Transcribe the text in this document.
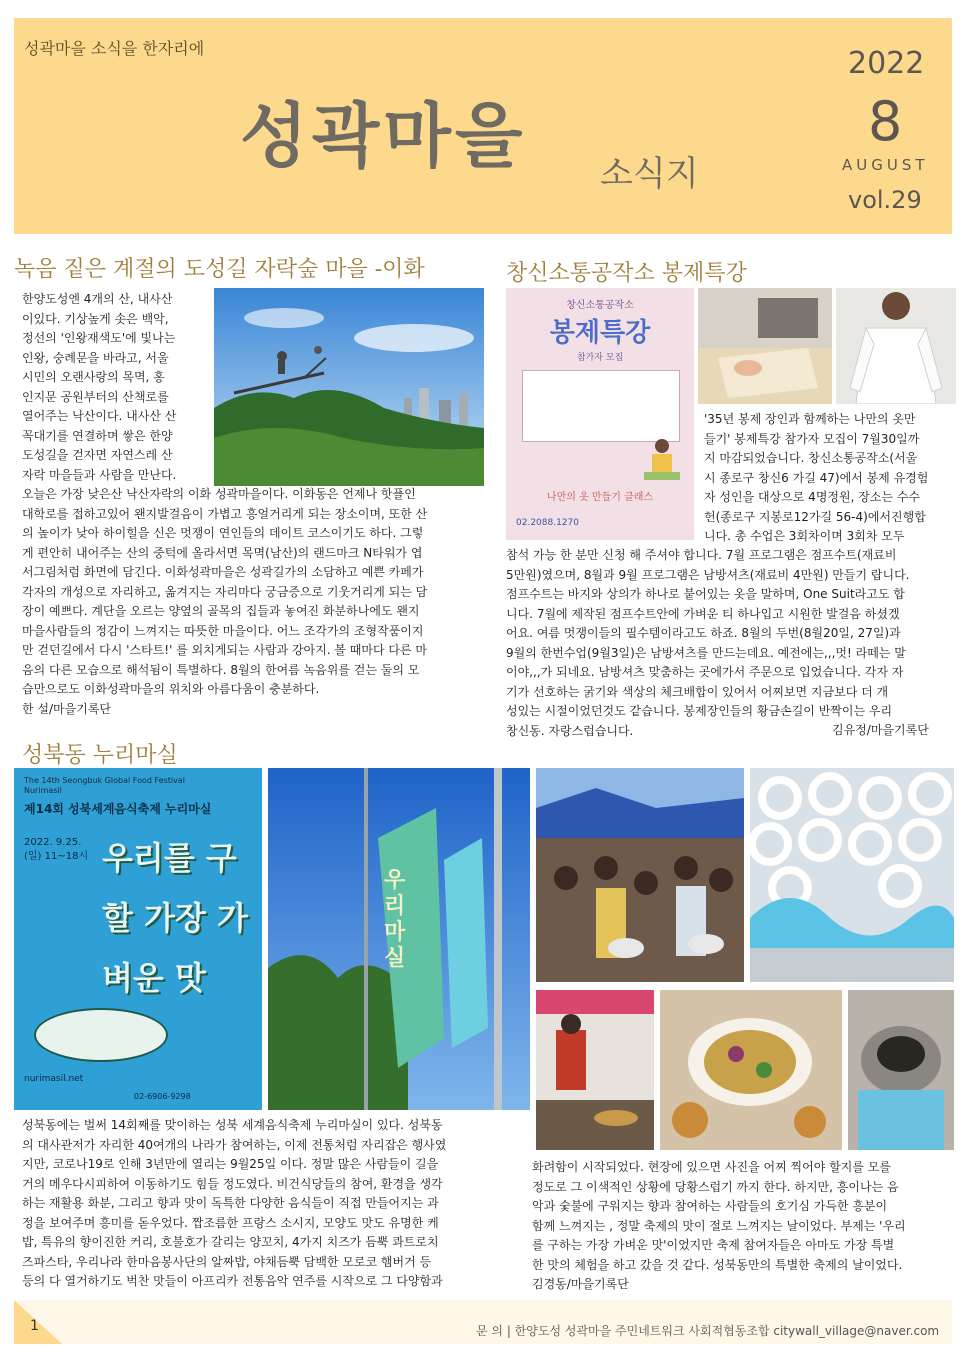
성곽마을 소식을 한자리에
성곽마을 소식지
2022
8
AUGUST
vol.29
녹음 짙은 계절의 도성길 자락숲 마을 -이화

한양도성엔 4개의 산, 내사산

이있다. 기상높게 솟은 백악,

정선의 '인왕재색도'에 빛나는

인왕, 숭례문을 바라고, 서울

시민의 오랜사랑의 목멱, 홍

인지문 공원부터의 산책로를

열어주는 낙산이다. 내사산 산

꼭대기를 연결하며 쌓은 한양

도성길을 걷자면 자연스레 산

자락 마을들과 사람을 만난다.

오늘은 가장 낮은산 낙산자락의 이화 성곽마을이다. 이화동은 언제나 핫플인

대학로를 접하고있어 왠지발걸음이 가볍고 흥얼거리게 되는 장소이며, 또한 산

의 높이가 낮아 하이힐을 신은 멋쟁이 연인들의 데이트 코스이기도 하다. 그렇

게 편안히 내어주는 산의 중턱에 올라서면 목멱(남산)의 랜드마크 N타워가 엽

서그림처럼 화면에 담긴다. 이화성곽마을은 성곽길가의 소담하고 예쁜 카페가

각자의 개성으로 자리하고, 옮겨지는 자리마다 궁금증으로 기웃거리게 되는 담

장이 예쁘다. 계단을 오르는 양옆의 골목의 집들과 놓여진 화분하나에도 왠지

마을사람들의 정감이 느껴지는 따뜻한 마을이다. 어느 조각가의 조형작품이지

만 걷던길에서 다시 '스타트!' 를 외치게되는 사람과 강아지. 볼 때마다 다른 마

음의 다른 모습으로 해석됨이 특별하다. 8월의 한여름 녹음위를 걷는 둘의 모

습만으로도 이화성곽마을의 위치와 아름다움이 충분하다.

한 설/마을기록단

창신소통공작소 봉제특강
창신소통공작소
봉제특강
참가자 모집
나만의 옷 만들기 클래스
02.2088.1270

'35년 봉제 장인과 함께하는 나만의 옷만

들기' 봉제특강 참가자 모집이 7월30일까

지 마감되었습니다. 창신소통공작소(서울

시 종로구 창신6 가길 47)에서 봉제 유경험

자 성인을 대상으로 4명정원, 장소는 수수

헌(종로구 지봉로12가길 56-4)에서진행합

니다. 총 수업은 3회차이며 3회차 모두

참석 가능 한 분만 신청 해 주셔야 합니다. 7월 프로그램은 점프수트(재료비

5만원)였으며, 8월과 9월 프로그램은 남방셔츠(재료비 4만원) 만들기 랍니다.

점프수트는 바지와 상의가 하나로 붙어있는 옷을 말하며, One Suit라고도 합

니다. 7월에 제작된 점프수트안에 가벼운 티 하나입고 시원한 발걸음 하셨겠

어요. 여름 멋쟁이들의 필수템이라고도 하죠. 8월의 두번(8월20일, 27일)과

9월의 한번수업(9월3일)은 남방셔츠를 만드는데요. 예전에는,,,멋! 라떼는 말

이야,,,가 되네요. 남방셔츠 맞춤하는 곳에가서 주문으로 입었습니다. 각자 자

기가 선호하는 굵기와 색상의 체크배합이 있어서 어찌보면 지금보다 더 개

성있는 시절이었던것도 같습니다. 봉제장인들의 황금손길이 반짝이는 우리

창신동. 자랑스럽습니다.	김유정/마을기록단
성북동 누리마실
The 14th Seongbuk Global Food Festival Nurimasil
제14회 성북세계음식축제 누리마실
2022. 9.25.(일) 11~18시 우리를 구할 가장 가벼운 맛
nurimasil.net
02-6906-9298
우리 마실

성북동에는 벌써 14회째를 맞이하는 성북 세계음식축제 누리마실이 있다. 성북동

의 대사관저가 자리한 40여개의 나라가 참여하는, 이제 전통처럼 자리잡은 행사였

지만, 코로나19로 인해 3년만에 열리는 9월25일 이다. 정말 많은 사람들이 길을

거의 메우다시피하여 이동하기도 힘들 정도였다. 비건식당들의 참여, 환경을 생각

하는 재활용 화분, 그리고 향과 맛이 독특한 다양한 음식들이 직접 만들어지는 과

정을 보여주며 흥미를 돋우었다. 짭조름한 프랑스 소시지, 모양도 맛도 유명한 케

밥, 특유의 향이진한 커리, 호불호가 갈리는 양꼬치, 4가지 치즈가 듬뿍 콰트로치

즈파스타, 우리나라 한마음봉사단의 알짜밥, 야채듬뿍 담백한 모로코 햄버거 등

등의 다 열거하기도 벅찬 맛들이 아프리카 전통음악 연주를 시작으로 그 다양함과

화려함이 시작되었다. 현장에 있으면 사진을 어찌 찍어야 할지를 모를

정도로 그 이색적인 상황에 당황스럽기 까지 한다. 하지만, 흥이나는 음

악과 숯불에 구워지는 향과 참여하는 사람들의 호기심 가득한 흥분이

함께 느껴지는 , 정말 축제의 맛이 절로 느껴지는 날이었다. 부제는 '우리

를 구하는 가장 가벼운 맛'이었지만 축제 참여자들은 아마도 가장 특별

한 맛의 체험을 하고 갔을 것 같다. 성북동만의 특별한 축제의 날이었다.

김경동/마을기록단

1	문 의 | 한양도성 성곽마을 주민네트워크 사회적협동조합 citywall_village@naver.com
